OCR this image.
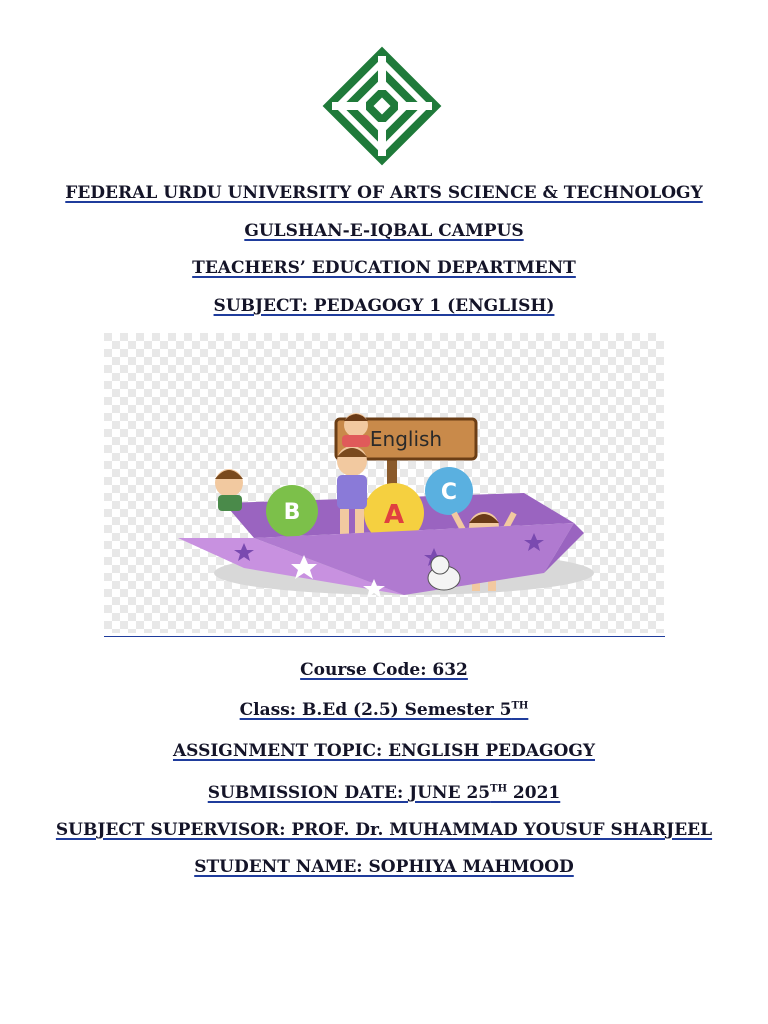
FEDERAL URDU UNIVERSITY OF ARTS SCIENCE & TECHNOLOGY
GULSHAN-E-IQBAL CAMPUS
TEACHERS’ EDUCATION DEPARTMENT
SUBJECT: PEDAGOGY 1 (ENGLISH)
English
B	A
C
Course Code: 632
Class: B.Ed (2.5) Semester 5TH
ASSIGNMENT TOPIC: ENGLISH PEDAGOGY
SUBMISSION DATE: JUNE 25TH 2021
SUBJECT SUPERVISOR: PROF. Dr. MUHAMMAD YOUSUF SHARJEEL
STUDENT NAME: SOPHIYA MAHMOOD
